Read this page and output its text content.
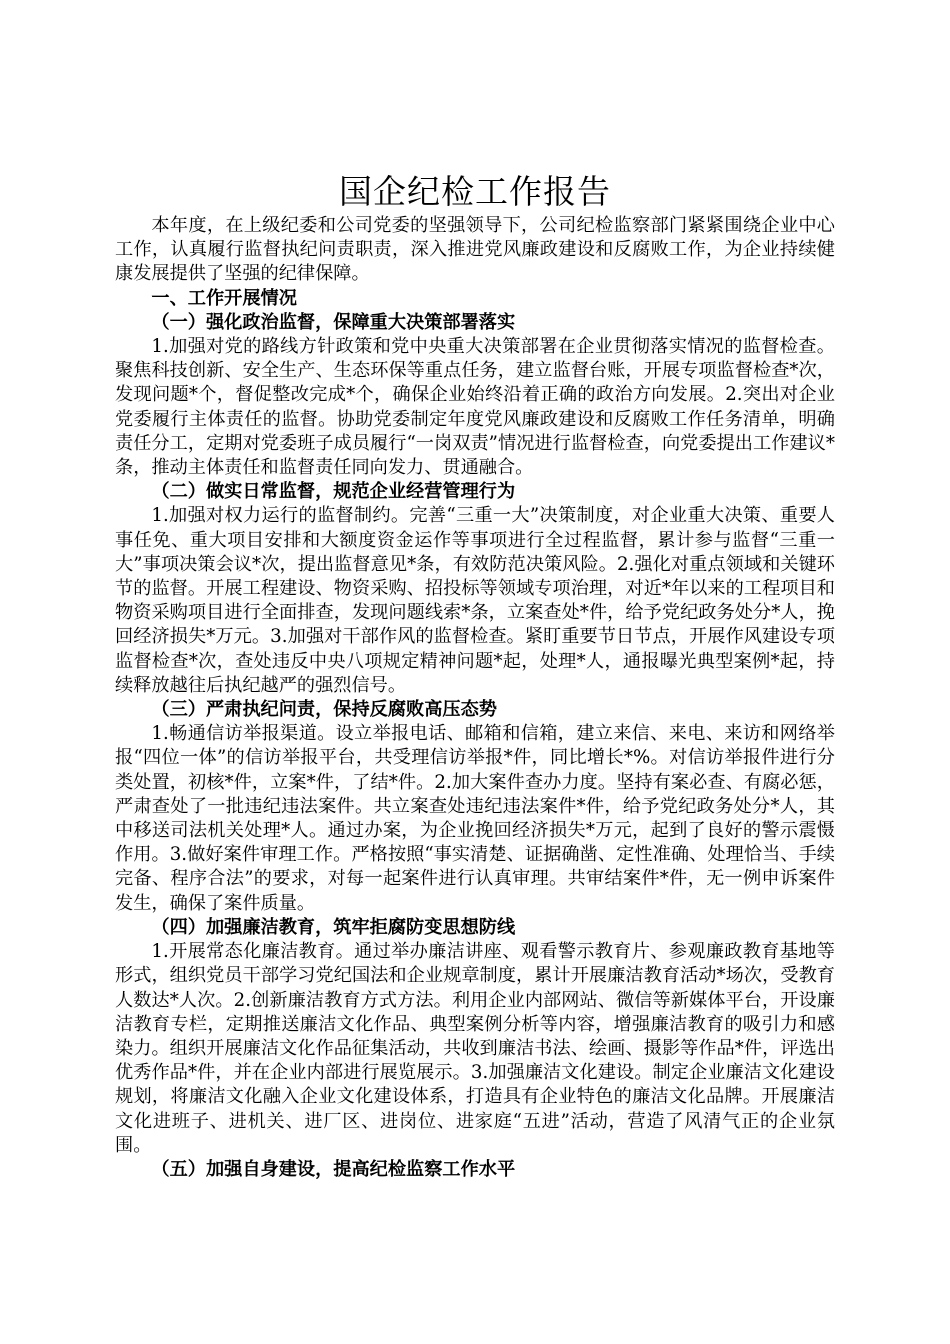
国企纪检工作报告

本年度，在上级纪委和公司党委的坚强领导下，公司纪检监察部门紧紧围绕企业中心工作，认真履行监督执纪问责职责，深入推进党风廉政建设和反腐败工作，为企业持续健康发展提供了坚强的纪律保障。

一、工作开展情况

（一）强化政治监督，保障重大决策部署落实

1.加强对党的路线方针政策和党中央重大决策部署在企业贯彻落实情况的监督检查。聚焦科技创新、安全生产、生态环保等重点任务，建立监督台账，开展专项监督检查*次，发现问题*个，督促整改完成*个，确保企业始终沿着正确的政治方向发展。2.突出对企业党委履行主体责任的监督。协助党委制定年度党风廉政建设和反腐败工作任务清单，明确责任分工，定期对党委班子成员履行“一岗双责”情况进行监督检查，向党委提出工作建议*条，推动主体责任和监督责任同向发力、贯通融合。

（二）做实日常监督，规范企业经营管理行为

1.加强对权力运行的监督制约。完善“三重一大”决策制度，对企业重大决策、重要人事任免、重大项目安排和大额度资金运作等事项进行全过程监督，累计参与监督“三重一大”事项决策会议*次，提出监督意见*条，有效防范决策风险。2.强化对重点领域和关键环节的监督。开展工程建设、物资采购、招投标等领域专项治理，对近*年以来的工程项目和物资采购项目进行全面排查，发现问题线索*条，立案查处*件，给予党纪政务处分*人，挽回经济损失*万元。3.加强对干部作风的监督检查。紧盯重要节日节点，开展作风建设专项监督检查*次，查处违反中央八项规定精神问题*起，处理*人，通报曝光典型案例*起，持续释放越往后执纪越严的强烈信号。

（三）严肃执纪问责，保持反腐败高压态势

1.畅通信访举报渠道。设立举报电话、邮箱和信箱，建立来信、来电、来访和网络举报“四位一体”的信访举报平台，共受理信访举报*件，同比增长*%。对信访举报件进行分类处置，初核*件，立案*件，了结*件。2.加大案件查办力度。坚持有案必查、有腐必惩，严肃查处了一批违纪违法案件。共立案查处违纪违法案件*件，给予党纪政务处分*人，其中移送司法机关处理*人。通过办案，为企业挽回经济损失*万元，起到了良好的警示震慑作用。3.做好案件审理工作。严格按照“事实清楚、证据确凿、定性准确、处理恰当、手续完备、程序合法”的要求，对每一起案件进行认真审理。共审结案件*件，无一例申诉案件发生，确保了案件质量。

（四）加强廉洁教育，筑牢拒腐防变思想防线

1.开展常态化廉洁教育。通过举办廉洁讲座、观看警示教育片、参观廉政教育基地等形式，组织党员干部学习党纪国法和企业规章制度，累计开展廉洁教育活动*场次，受教育人数达*人次。2.创新廉洁教育方式方法。利用企业内部网站、微信等新媒体平台，开设廉洁教育专栏，定期推送廉洁文化作品、典型案例分析等内容，增强廉洁教育的吸引力和感染力。组织开展廉洁文化作品征集活动，共收到廉洁书法、绘画、摄影等作品*件，评选出优秀作品*件，并在企业内部进行展览展示。3.加强廉洁文化建设。制定企业廉洁文化建设规划，将廉洁文化融入企业文化建设体系，打造具有企业特色的廉洁文化品牌。开展廉洁文化进班子、进机关、进厂区、进岗位、进家庭“五进”活动，营造了风清气正的企业氛围。

（五）加强自身建设，提高纪检监察工作水平
